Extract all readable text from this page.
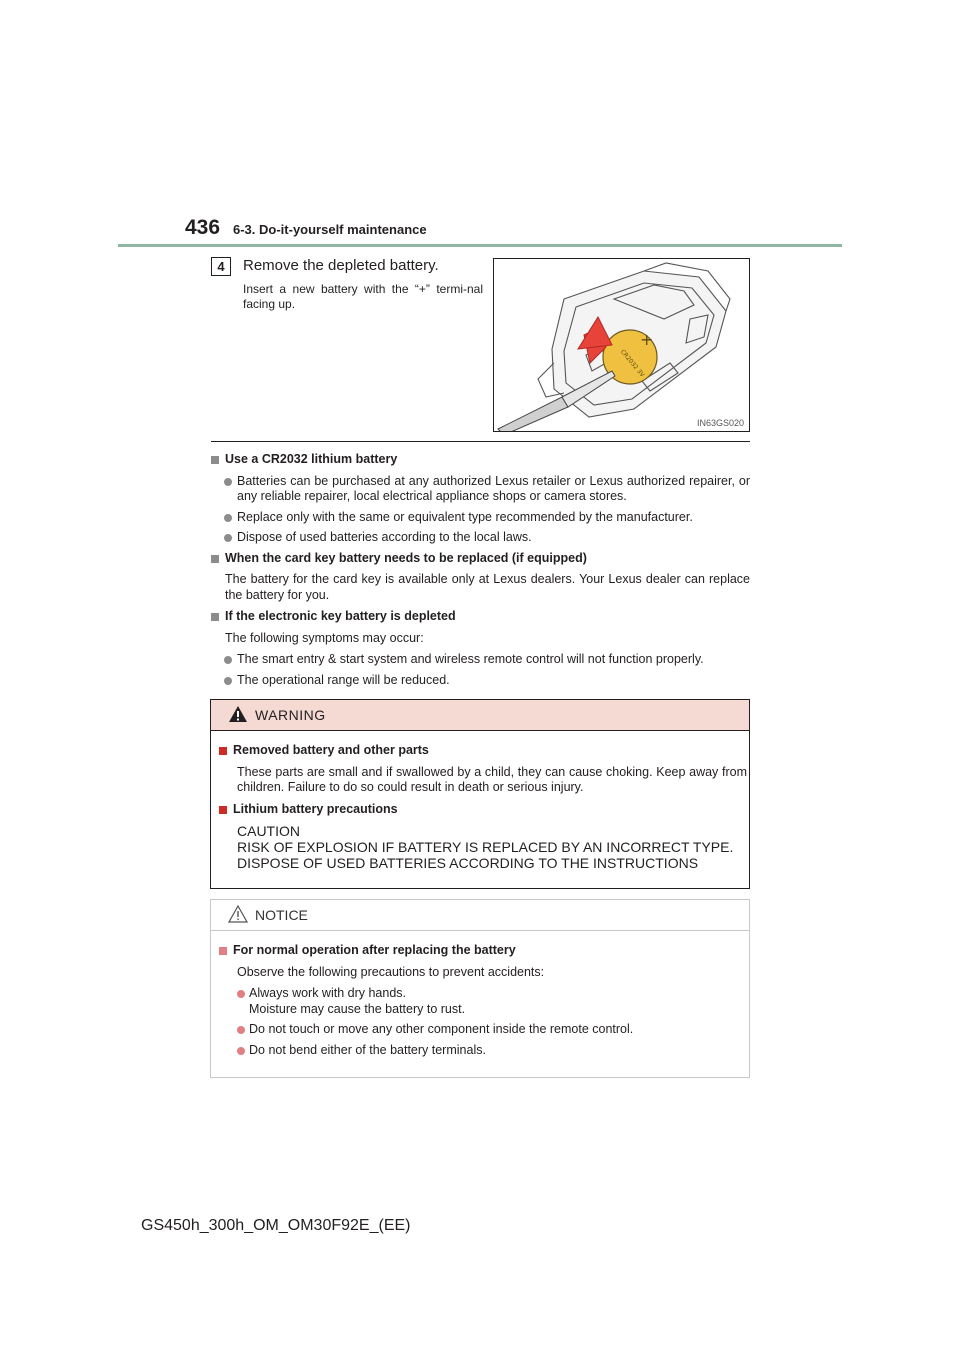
436 6-3. Do-it-yourself maintenance
4	Remove the depleted battery.
Insert a new battery with the “+” termi-nal facing up.
+
CR2032 3V
IN63GS020
Use a CR2032 lithium battery
Batteries can be purchased at any authorized Lexus retailer or Lexus authorized repairer, or any reliable repairer, local electrical appliance shops or camera stores.
Replace only with the same or equivalent type recommended by the manufacturer.
Dispose of used batteries according to the local laws.
When the card key battery needs to be replaced (if equipped)
The battery for the card key is available only at Lexus dealers. Your Lexus dealer can replace the battery for you.
If the electronic key battery is depleted
The following symptoms may occur:
The smart entry & start system and wireless remote control will not function properly.
The operational range will be reduced.
WARNING
Removed battery and other parts
These parts are small and if swallowed by a child, they can cause choking. Keep away from children. Failure to do so could result in death or serious injury.
Lithium battery precautions
CAUTION
RISK OF EXPLOSION IF BATTERY IS REPLACED BY AN INCORRECT TYPE.
DISPOSE OF USED BATTERIES ACCORDING TO THE INSTRUCTIONS
NOTICE
For normal operation after replacing the battery
Observe the following precautions to prevent accidents:
Always work with dry hands.
Moisture may cause the battery to rust.
Do not touch or move any other component inside the remote control.
Do not bend either of the battery terminals.
GS450h_300h_OM_OM30F92E_(EE)
